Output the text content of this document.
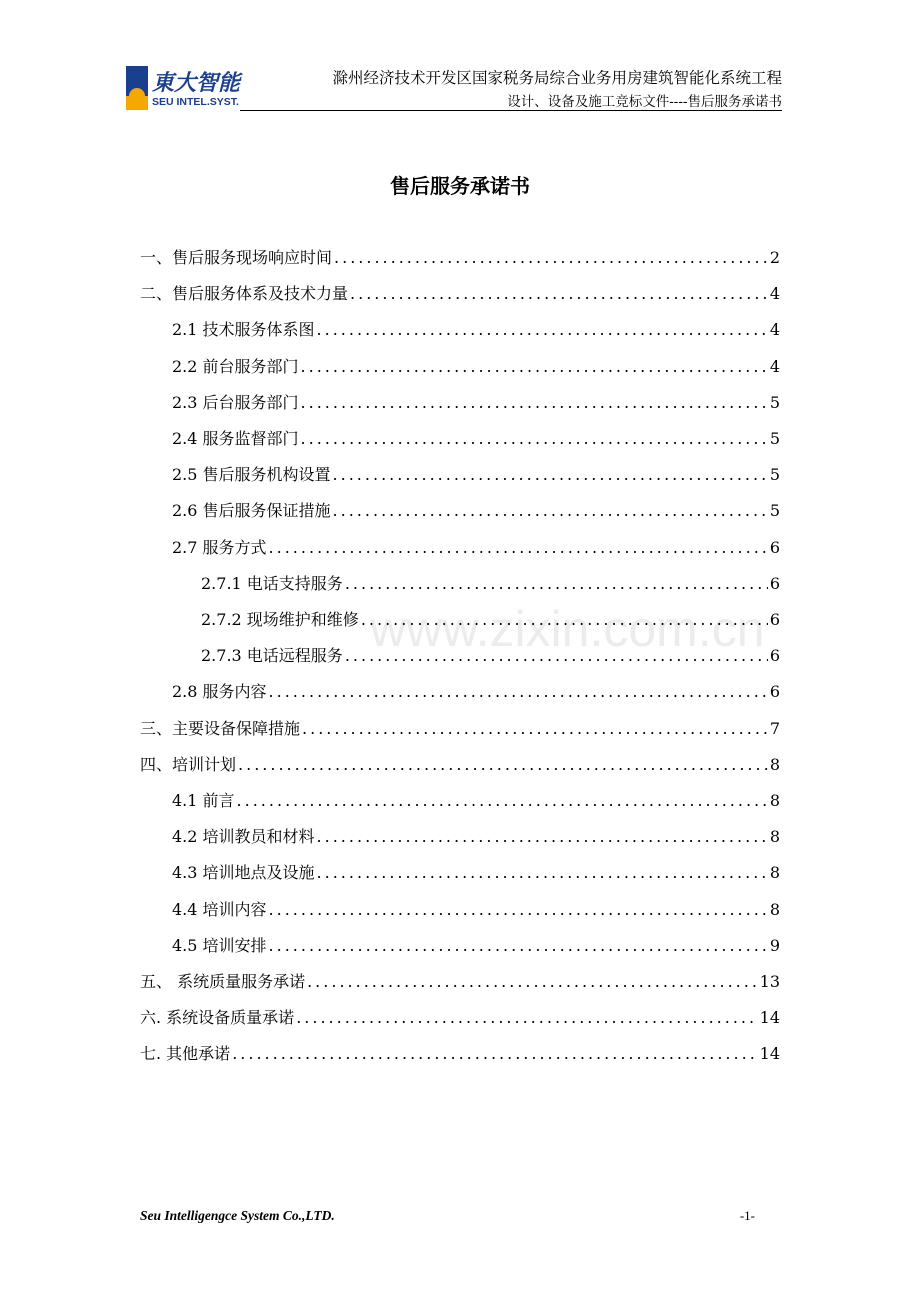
東大智能
SEU INTEL.SYST.
滁州经济技术开发区国家税务局综合业务用房建筑智能化系统工程
设计、设备及施工竞标文件----售后服务承诺书
售后服务承诺书
www.zixin.com.cn
一、售后服务现场响应时间 .....	2
二、售后服务体系及技术力量 .....	4
2.1 技术服务体系图 .....	4
2.2 前台服务部门 .....	4
2.3 后台服务部门 .....	5
2.4 服务监督部门 .....	5
2.5 售后服务机构设置 .....	5
2.6 售后服务保证措施 .....	5
2.7 服务方式 .....	6
2.7.1 电话支持服务 .....	6
2.7.2 现场维护和维修 .....	6
2.7.3 电话远程服务 .....	6
2.8 服务内容 .....	6
三、主要设备保障措施 .....	7
四、培训计划 .....	8
4.1 前言 .....	8
4.2 培训教员和材料 .....	8
4.3 培训地点及设施 .....	8
4.4 培训内容 .....	8
4.5 培训安排 .....	9
五、 系统质量服务承诺 .....	13
六. 系统设备质量承诺 .....	14
七. 其他承诺 .....	14
Seu Intelligengce System Co.,LTD.	-1-
